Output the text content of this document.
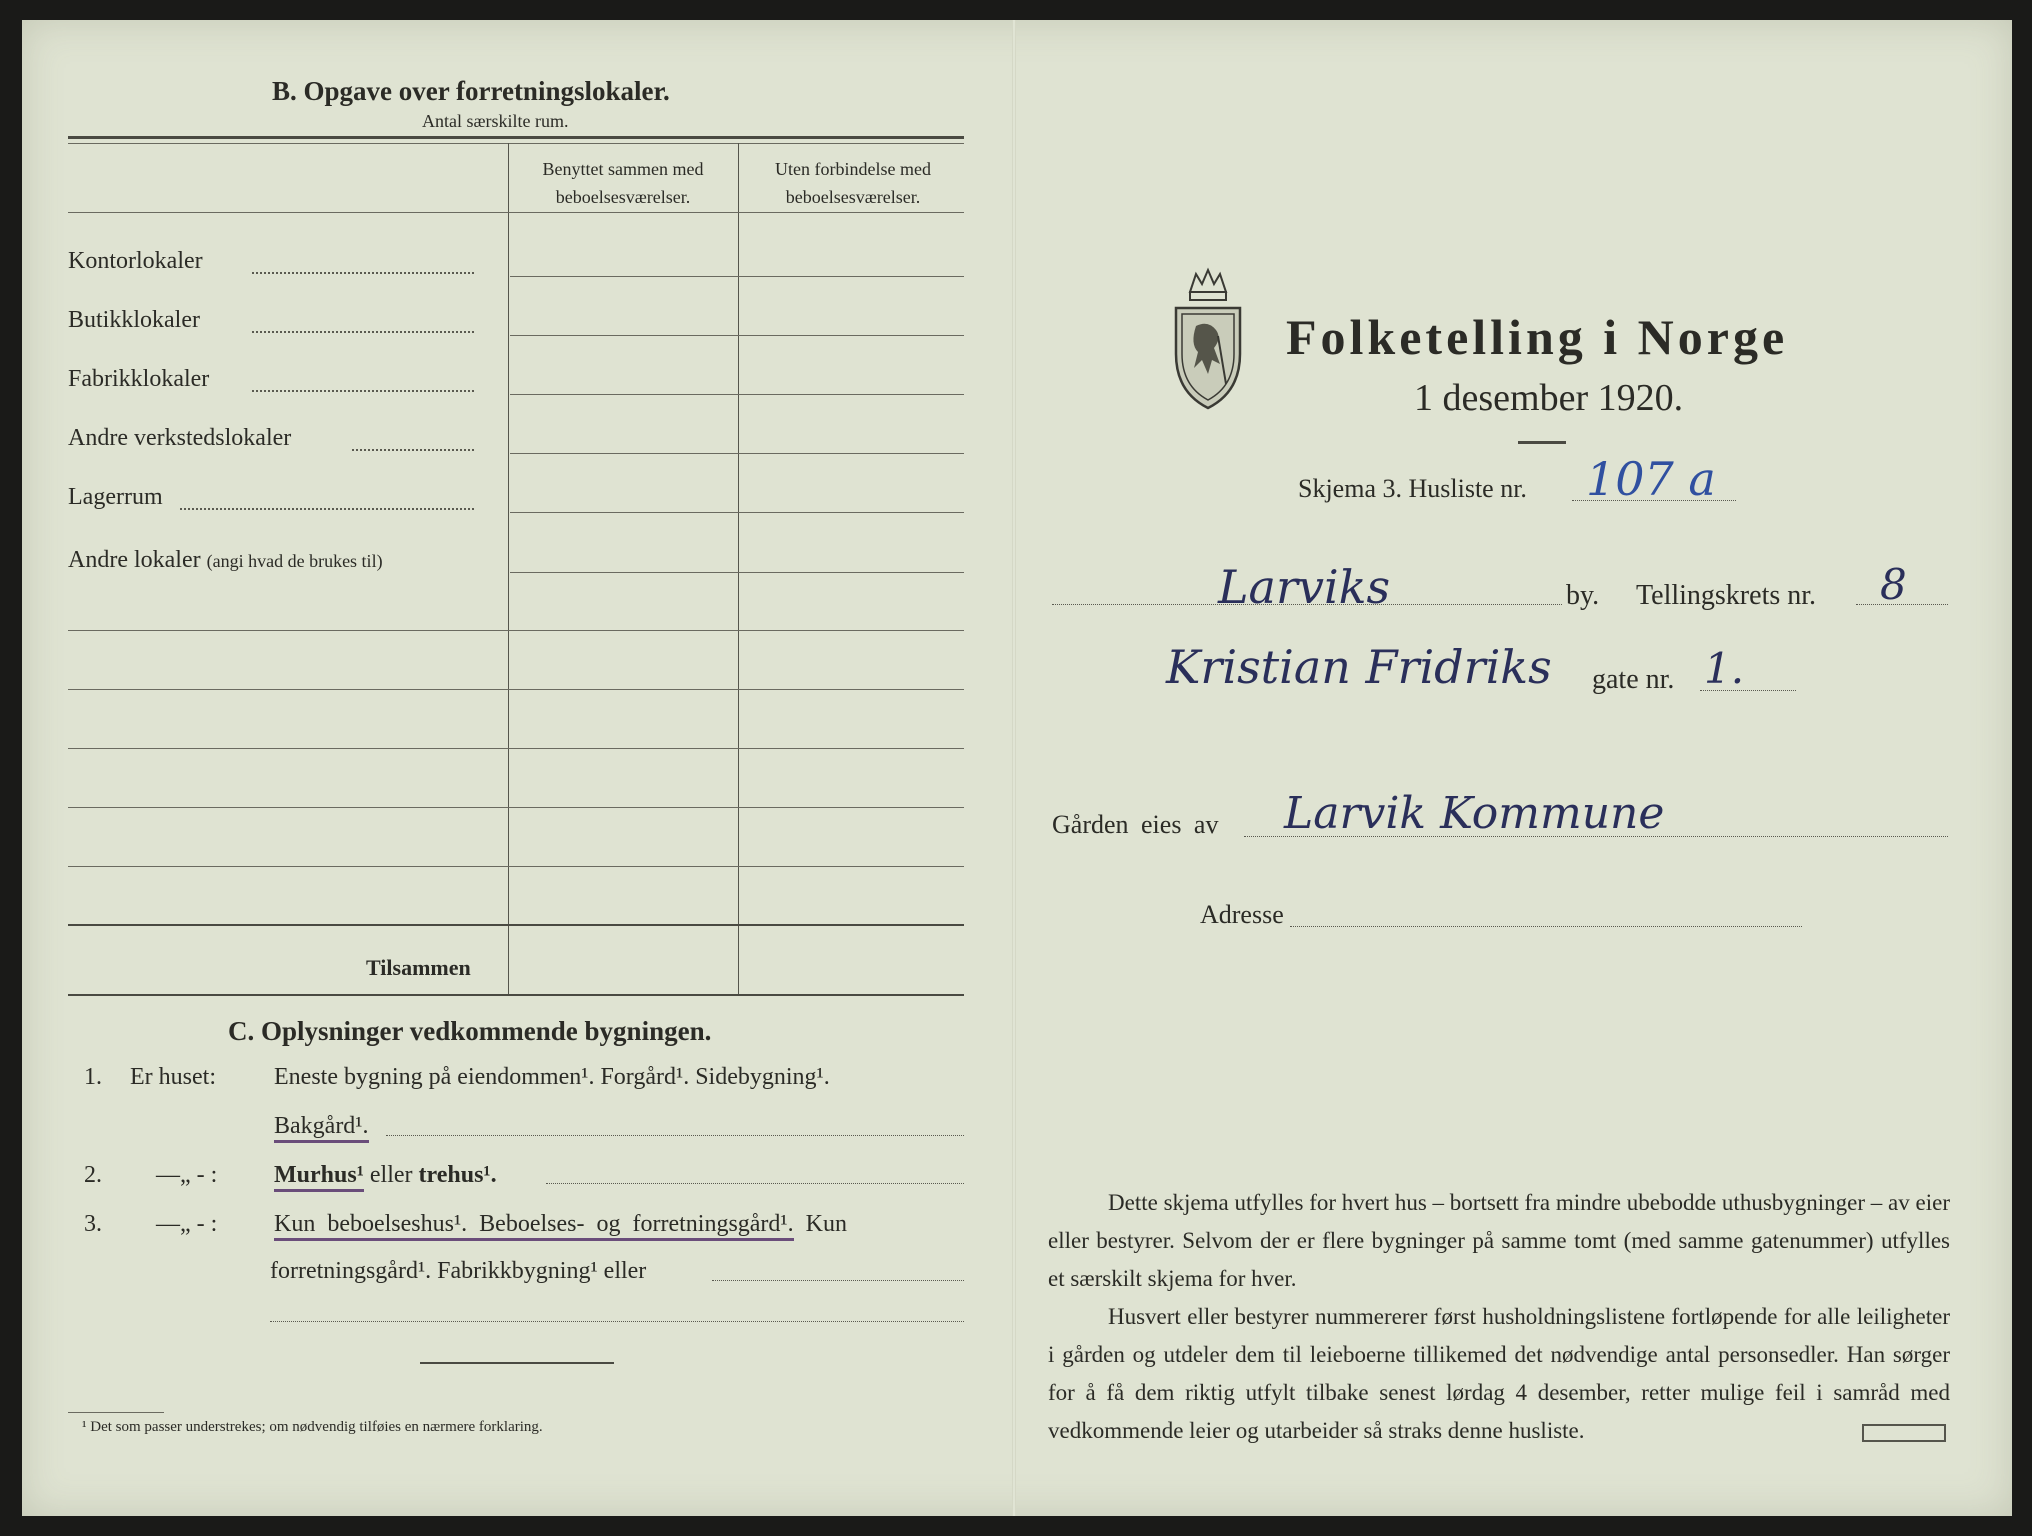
B. Opgave over forretningslokaler.
Antal særskilte rum.
Benyttet sammen med
beboelsesværelser.
Uten forbindelse med
beboelsesværelser.
Kontorlokaler
Butikklokaler
Fabrikklokaler
Andre verkstedslokaler
Lagerrum
Andre lokaler (angi hvad de brukes til)
Tilsammen
C. Oplysninger vedkommende bygningen.
1. Er huset: Eneste bygning på eiendommen¹. Forgård¹. Sidebygning¹.
Bakgård¹.
2. —„ - : Murhus¹ eller trehus¹.
3. —„ - : Kun beboelseshus¹. Beboelses- og forretningsgård¹. Kun
forretningsgård¹. Fabrikkbygning¹ eller
¹ Det som passer understrekes; om nødvendig tilføies en nærmere forklaring.
Folketelling i Norge
1 desember 1920.
Skjema 3. Husliste nr. 107 a
Larviks	by. Tellingskrets nr. 8
Kristian Fridriks gate nr. 1.
Gården eies av Larvik Kommune
Adresse
Dette skjema utfylles for hvert hus – bortsett fra mindre ubebodde uthusbygninger – av eier eller bestyrer. Selvom der er flere bygninger på samme tomt (med samme gatenummer) utfylles et særskilt skjema for hver.
Husvert eller bestyrer nummererer først husholdningslistene fortløpende for alle leiligheter i gården og utdeler dem til leieboerne tillikemed det nødvendige antal personsedler. Han sørger for å få dem riktig utfylt tilbake senest lørdag 4 desember, retter mulige feil i samråd med vedkommende leier og utarbeider så straks denne husliste.
